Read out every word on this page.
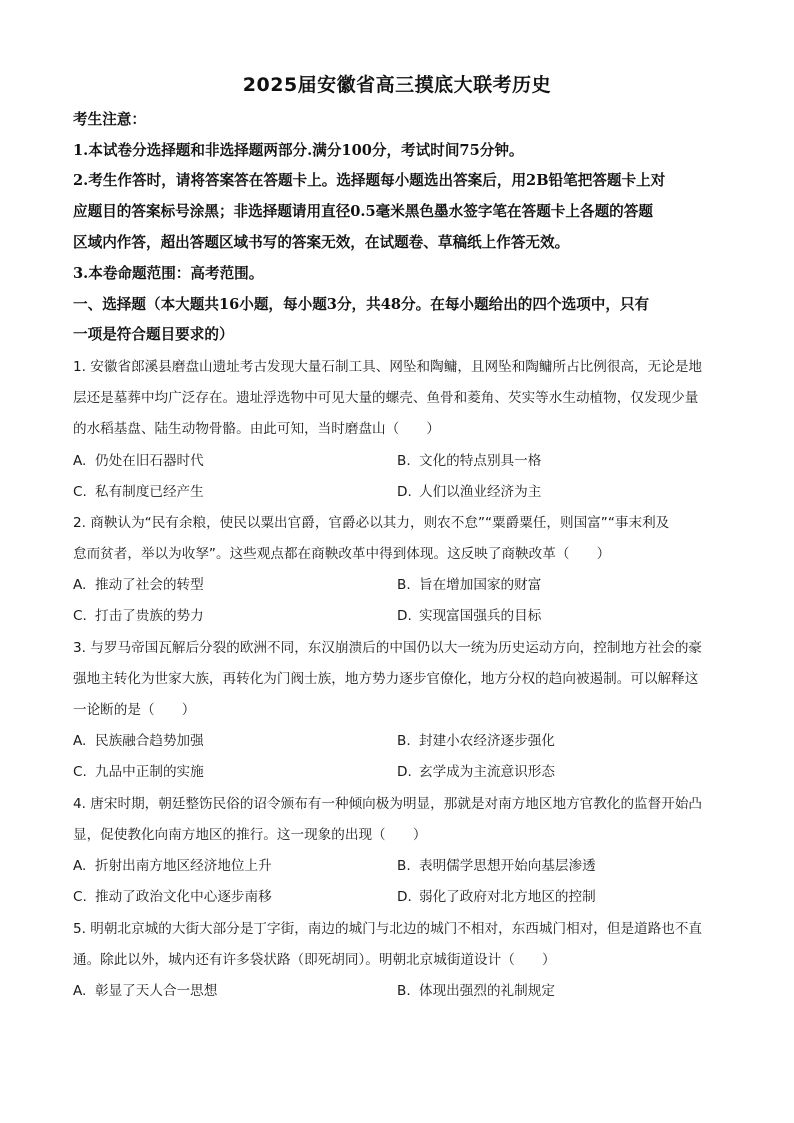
2025届安徽省高三摸底大联考历史
考生注意：
1.本试卷分选择题和非选择题两部分.满分100分，考试时间75分钟。
2.考生作答时，请将答案答在答题卡上。选择题每小题选出答案后，用2B铅笔把答题卡上对
应题目的答案标号涂黑；非选择题请用直径0.5毫米黑色墨水签字笔在答题卡上各题的答题
区域内作答，超出答题区域书写的答案无效，在试题卷、草稿纸上作答无效。
3.本卷命题范围：高考范围。
一、选择题（本大题共16小题，每小题3分，共48分。在每小题给出的四个选项中，只有
一项是符合题目要求的）
1. 安徽省郎溪县磨盘山遗址考古发现大量石制工具、网坠和陶鳙，且网坠和陶鳙所占比例很高，无论是地
层还是墓葬中均广泛存在。遗址浮选物中可见大量的螺壳、鱼骨和菱角、芡实等水生动植物，仅发现少量
的水稻基盘、陆生动物骨骼。由此可知，当时磨盘山（　　）
A. 仍处在旧石器时代	B. 文化的特点别具一格
C. 私有制度已经产生	D. 人们以渔业经济为主
2. 商鞅认为“民有余粮，使民以粟出官爵，官爵必以其力，则农不怠”“粟爵粟任，则国富”“事末利及
怠而贫者，举以为收孥”。这些观点都在商鞅改革中得到体现。这反映了商鞅改革（　　）
A. 推动了社会的转型	B. 旨在增加国家的财富
C. 打击了贵族的势力	D. 实现富国强兵的目标
3. 与罗马帝国瓦解后分裂的欧洲不同，东汉崩溃后的中国仍以大一统为历史运动方向，控制地方社会的豪
强地主转化为世家大族，再转化为门阀士族，地方势力逐步官僚化，地方分权的趋向被遏制。可以解释这
一论断的是（　　）
A. 民族融合趋势加强	B. 封建小农经济逐步强化
C. 九品中正制的实施	D. 玄学成为主流意识形态
4. 唐宋时期，朝廷整饬民俗的诏令颁布有一种倾向极为明显，那就是对南方地区地方官教化的监督开始凸
显，促使教化向南方地区的推行。这一现象的出现（　　）
A. 折射出南方地区经济地位上升	B. 表明儒学思想开始向基层渗透
C. 推动了政治文化中心逐步南移	D. 弱化了政府对北方地区的控制
5. 明朝北京城的大街大部分是丁字街，南边的城门与北边的城门不相对，东西城门相对，但是道路也不直
通。除此以外，城内还有许多袋状路（即死胡同）。明朝北京城街道设计（　　）
A. 彰显了天人合一思想	B. 体现出强烈的礼制规定
